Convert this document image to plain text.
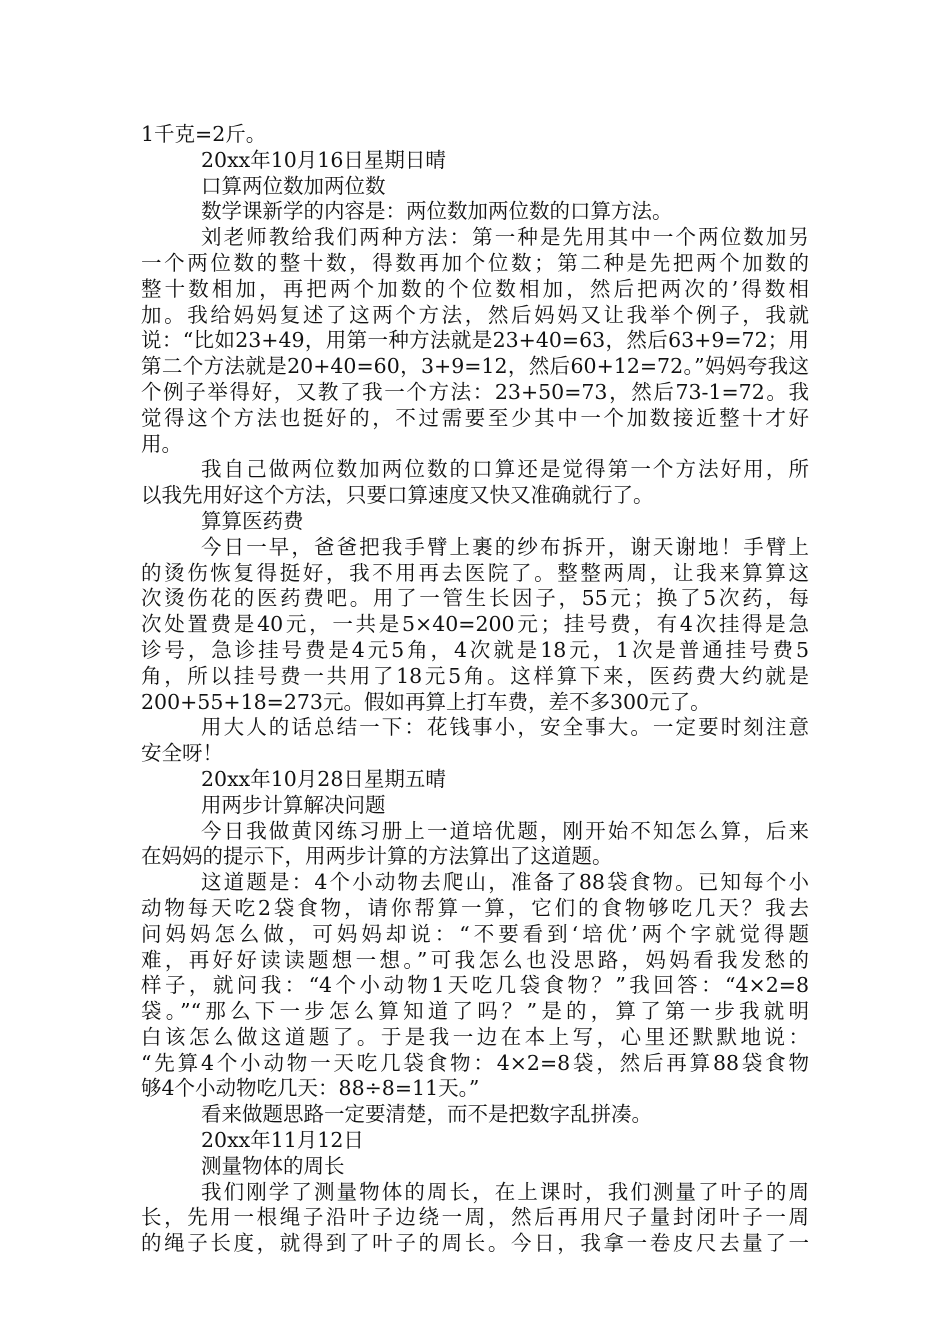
1千克=2斤。

20xx年10月16日星期日晴

口算两位数加两位数

数学课新学的内容是：两位数加两位数的口算方法。

刘老师教给我们两种方法：第一种是先用其中一个两位数加另

一个两位数的整十数，得数再加个位数；第二种是先把两个加数的

整十数相加，再把两个加数的个位数相加，然后把两次的’得数相

加。我给妈妈复述了这两个方法，然后妈妈又让我举个例子，我就

说：“比如23+49，用第一种方法就是23+40=63，然后63+9=72；用

第二个方法就是20+40=60，3+9=12，然后60+12=72。”妈妈夸我这

个例子举得好，又教了我一个方法：23+50=73，然后73-1=72。我

觉得这个方法也挺好的，不过需要至少其中一个加数接近整十才好

用。

我自己做两位数加两位数的口算还是觉得第一个方法好用，所

以我先用好这个方法，只要口算速度又快又准确就行了。

算算医药费

今日一早，爸爸把我手臂上裹的纱布拆开，谢天谢地！手臂上

的烫伤恢复得挺好，我不用再去医院了。整整两周，让我来算算这

次烫伤花的医药费吧。用了一管生长因子，55元；换了5次药，每

次处置费是40元，一共是5×40=200元；挂号费，有4次挂得是急

诊号，急诊挂号费是4元5角，4次就是18元，1次是普通挂号费5

角，所以挂号费一共用了18元5角。这样算下来，医药费大约就是

200+55+18=273元。假如再算上打车费，差不多300元了。

用大人的话总结一下：花钱事小，安全事大。一定要时刻注意

安全呀！

20xx年10月28日星期五晴

用两步计算解决问题

今日我做黄冈练习册上一道培优题，刚开始不知怎么算，后来

在妈妈的提示下，用两步计算的方法算出了这道题。

这道题是：4个小动物去爬山，准备了88袋食物。已知每个小

动物每天吃2袋食物，请你帮算一算，它们的食物够吃几天？我去

问妈妈怎么做，可妈妈却说：“不要看到‘培优’两个字就觉得题

难，再好好读读题想一想。”可我怎么也没思路，妈妈看我发愁的

样子，就问我：“4个小动物1天吃几袋食物？”我回答：“4×2=8

袋。”“那么下一步怎么算知道了吗？”是的，算了第一步我就明

白该怎么做这道题了。于是我一边在本上写，心里还默默地说：

“先算4个小动物一天吃几袋食物：4×2=8袋，然后再算88袋食物

够4个小动物吃几天：88÷8=11天。”

看来做题思路一定要清楚，而不是把数字乱拼凑。

20xx年11月12日

测量物体的周长

我们刚学了测量物体的周长，在上课时，我们测量了叶子的周

长，先用一根绳子沿叶子边绕一周，然后再用尺子量封闭叶子一周

的绳子长度，就得到了叶子的周长。今日，我拿一卷皮尺去量了一
